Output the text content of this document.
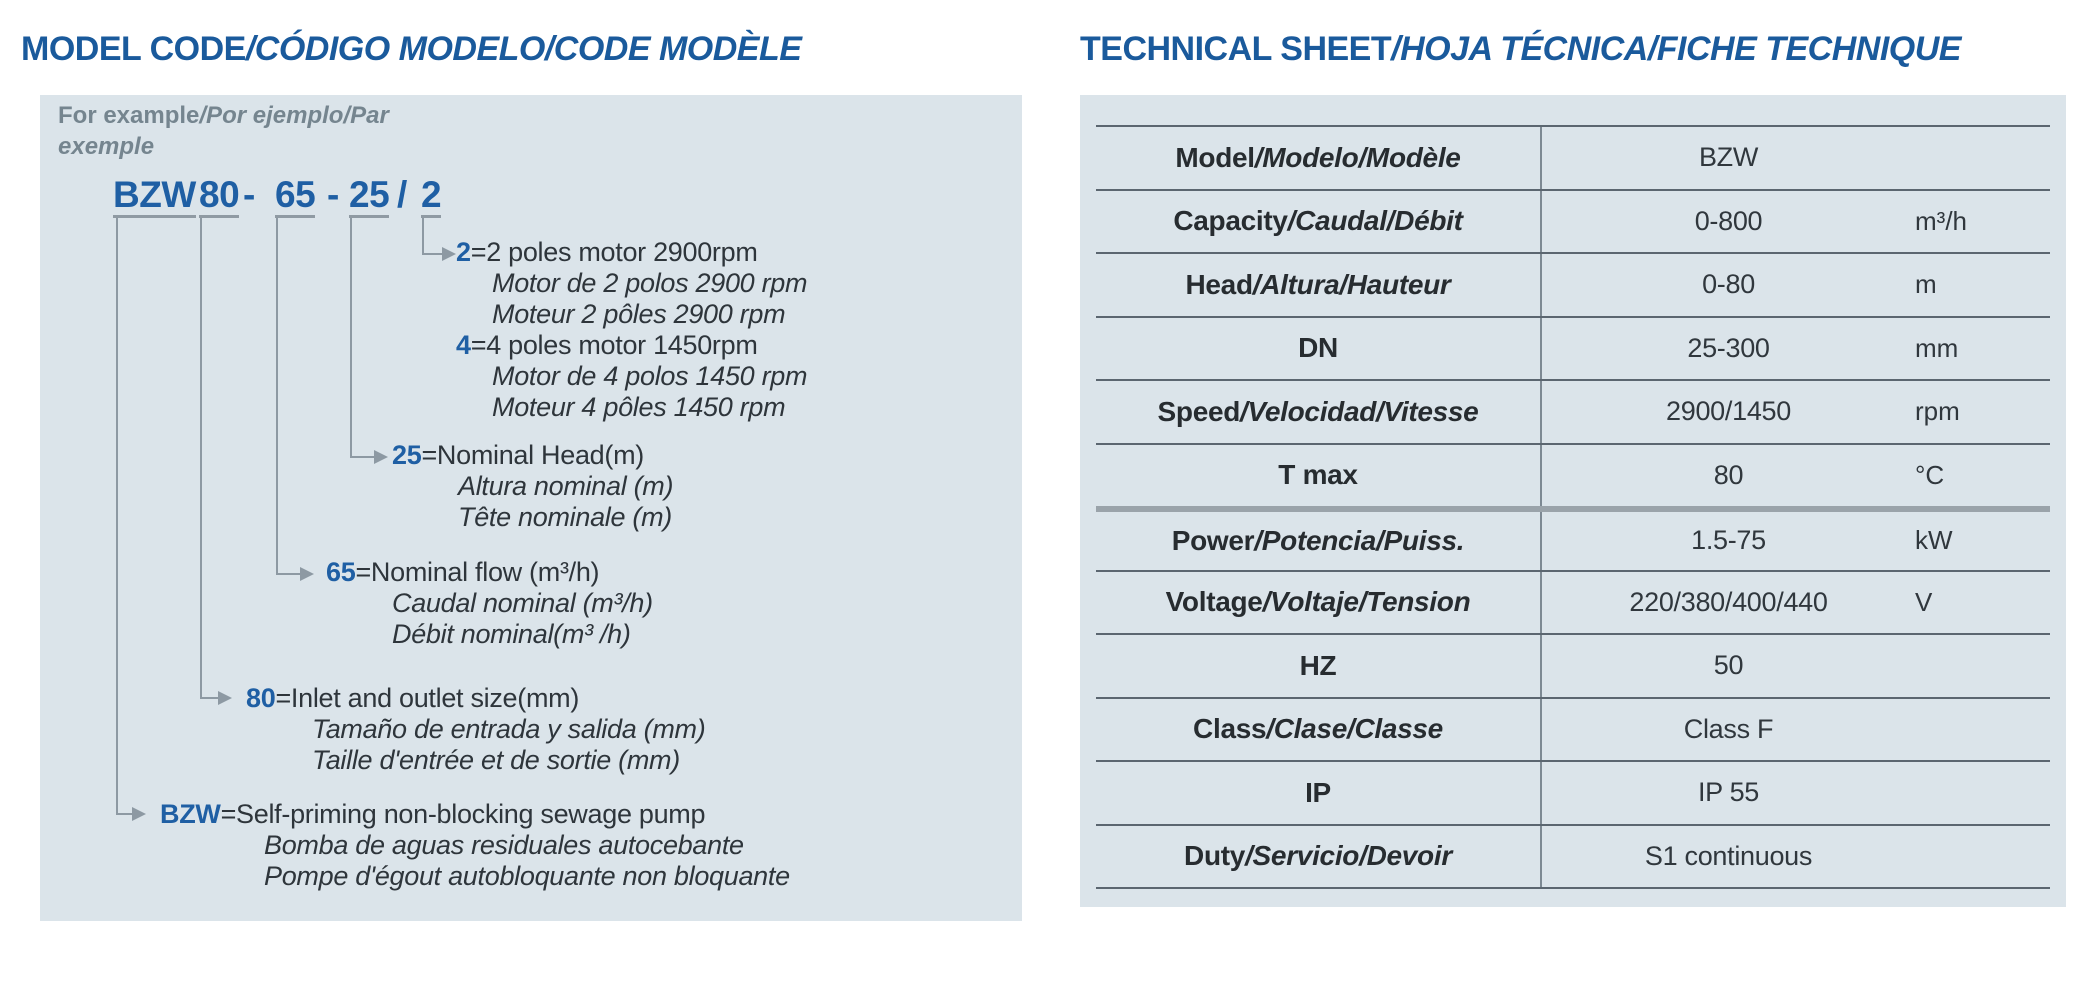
MODEL CODE/CÓDIGO MODELO/CODE MODÈLE
For example/Por ejemplo/Par exemple
BZW 80 - 65 - 25 / 2
2=2 poles motor 2900rpm
Motor de 2 polos 2900 rpm
Moteur 2 pôles 2900 rpm
4=4 poles motor 1450rpm
Motor de 4 polos 1450 rpm
Moteur 4 pôles 1450 rpm
25=Nominal Head(m)
Altura nominal (m)
Tête nominale (m)
65=Nominal flow (m³/h)
Caudal nominal (m³/h)
Débit nominal(m³ /h)
80=Inlet and outlet size(mm)
Tamaño de entrada y salida (mm)
Taille d'entrée et de sortie (mm)
BZW=Self-priming non-blocking sewage pump
Bomba de aguas residuales autocebante
Pompe d'égout autobloquante non bloquante
TECHNICAL SHEET/HOJA TÉCNICA/FICHE TECHNIQUE
Model /Modelo/Modèle	BZW
Capacity /Caudal/Débit	0-800	m³/h
Head /Altura/Hauteur	0-80	m
DN	25-300	mm
Speed /Velocidad/Vitesse	2900/1450	rpm
T max	80	°C
Power /Potencia/Puiss.	1.5-75	kW
Voltage /Voltaje/Tension	220/380/400/440	V
HZ	50
Class /Clase/Classe	Class F
IP	IP 55
Duty /Servicio/Devoir	S1 continuous
